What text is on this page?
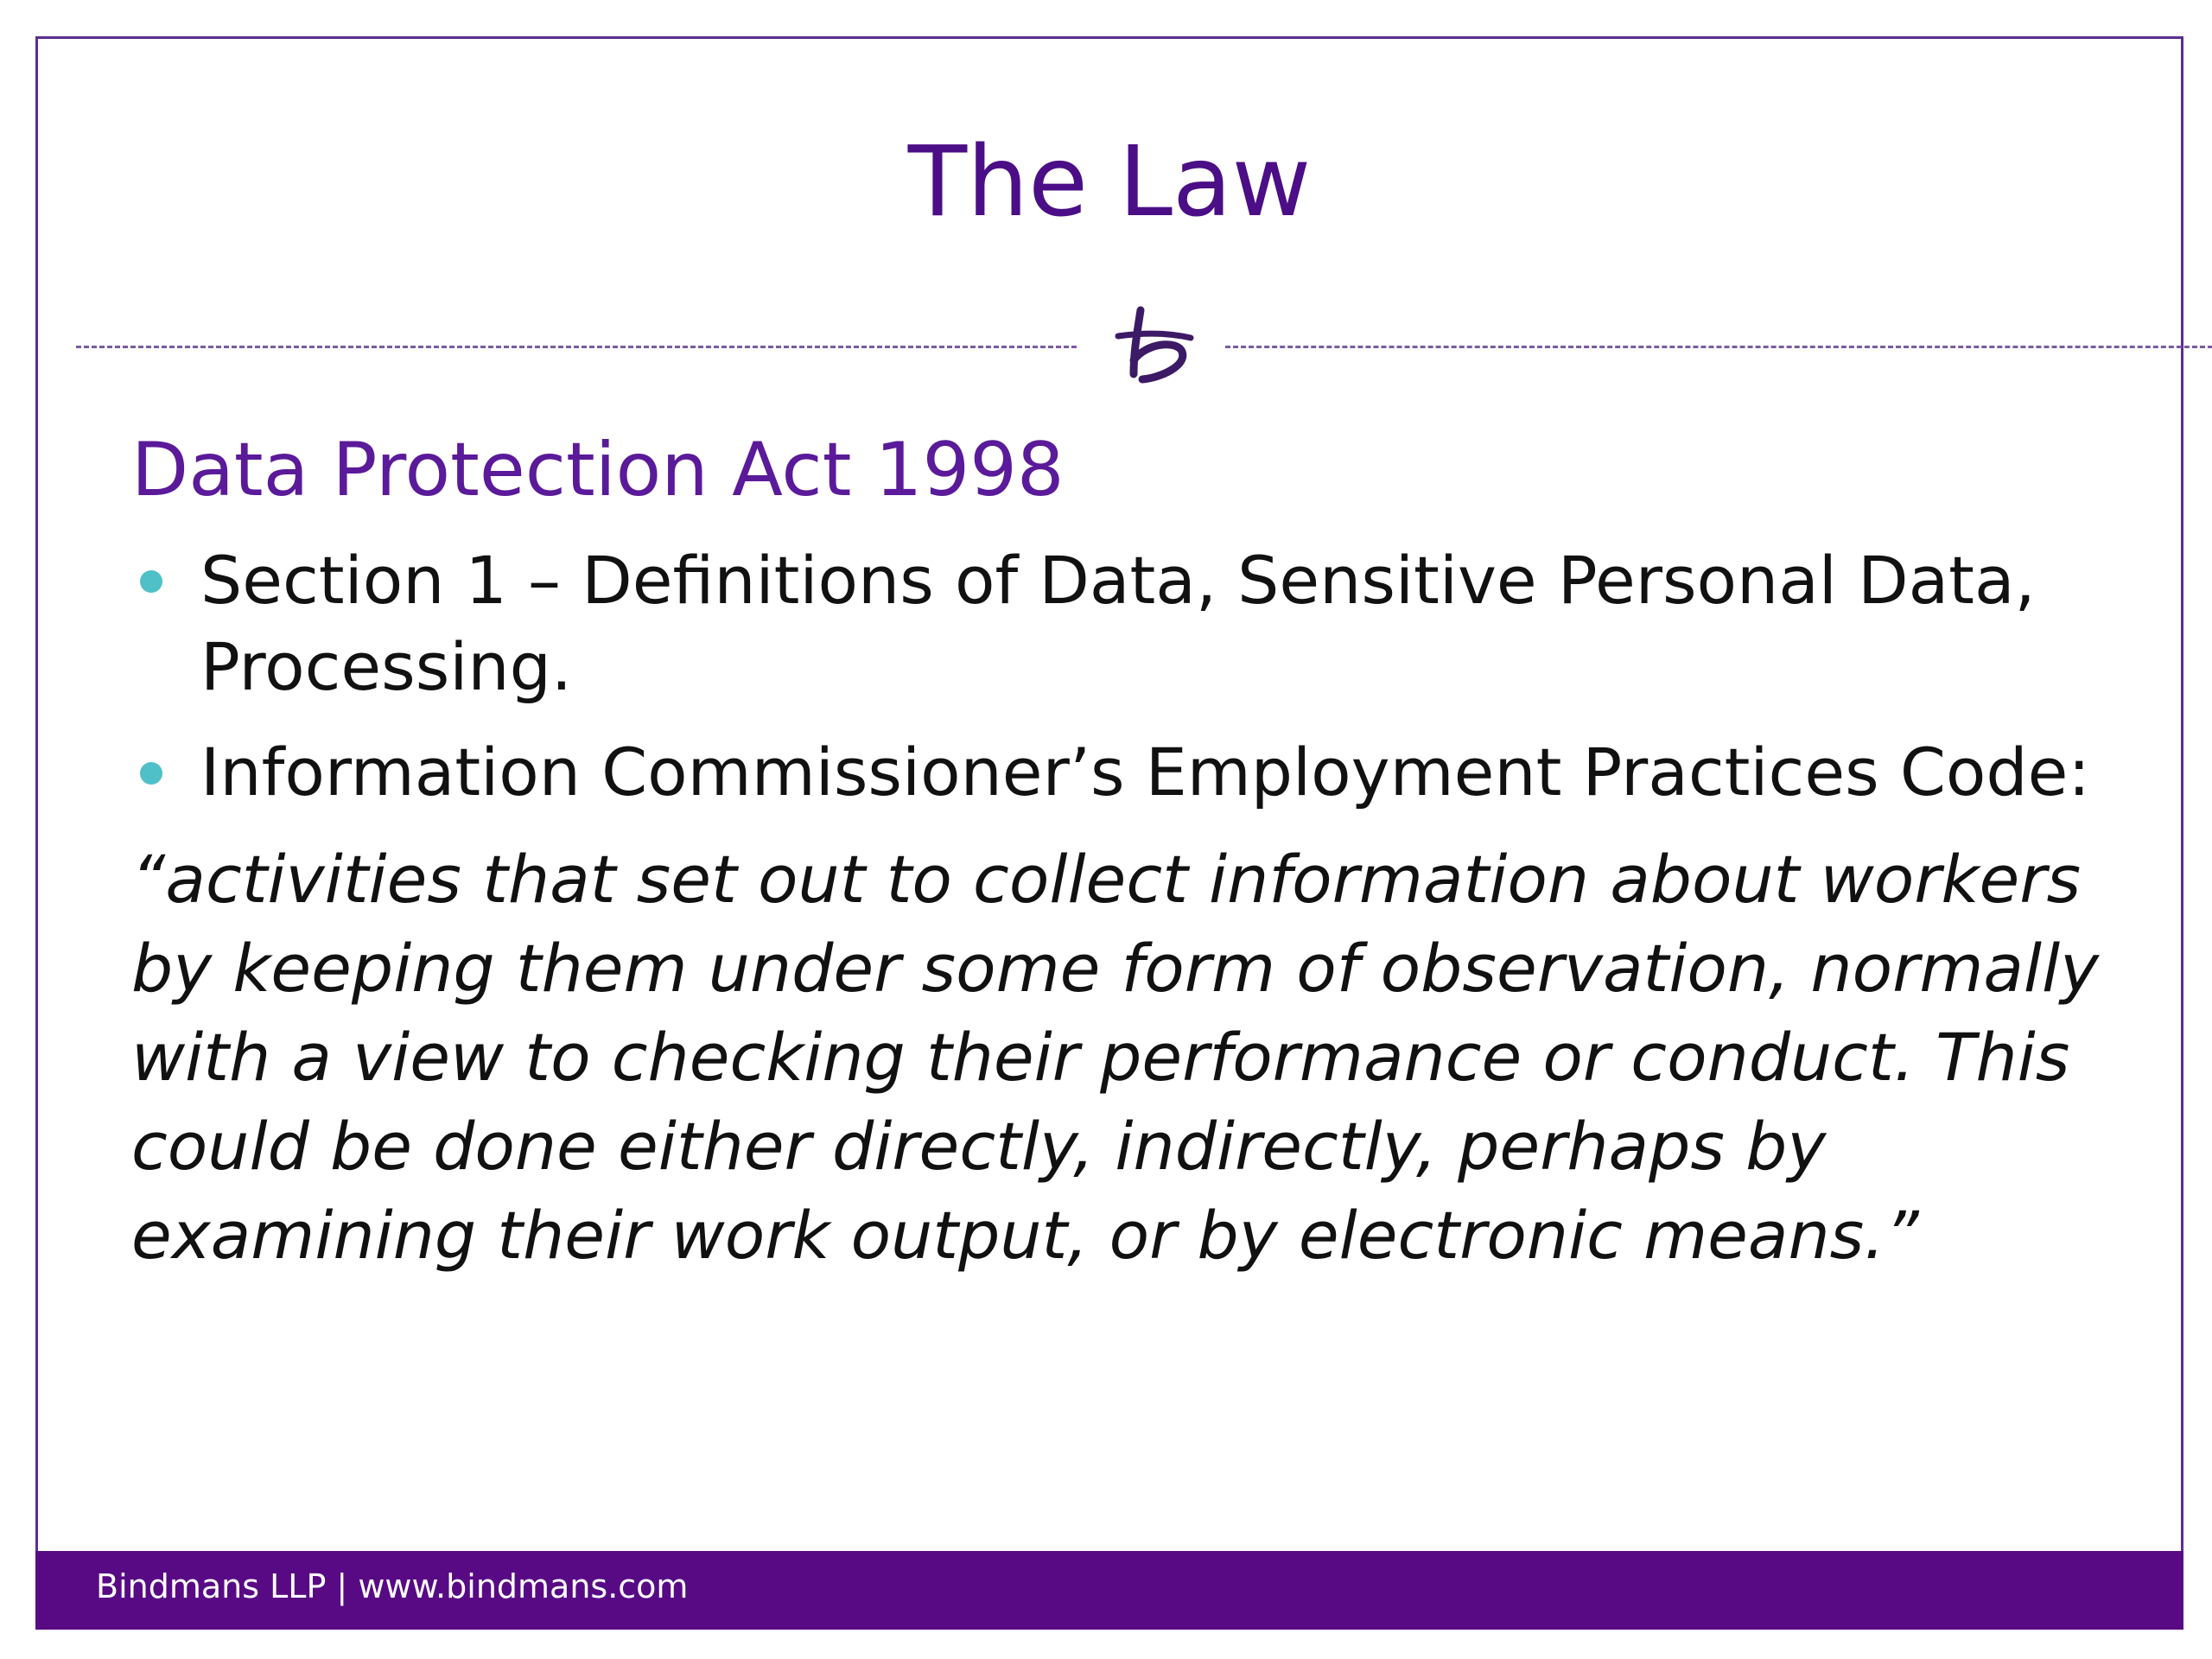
The Law
Data Protection Act 1998
Section 1 – Definitions of Data, Sensitive Personal Data, Processing.
Information Commissioner’s Employment Practices Code:

“activities that set out to collect information about workers by keeping them under some form of observation, normally with a view to checking their performance or conduct. This could be done either directly, indirectly, perhaps by examining their work output, or by electronic means.”

Bindmans LLP | www.bindmans.com
